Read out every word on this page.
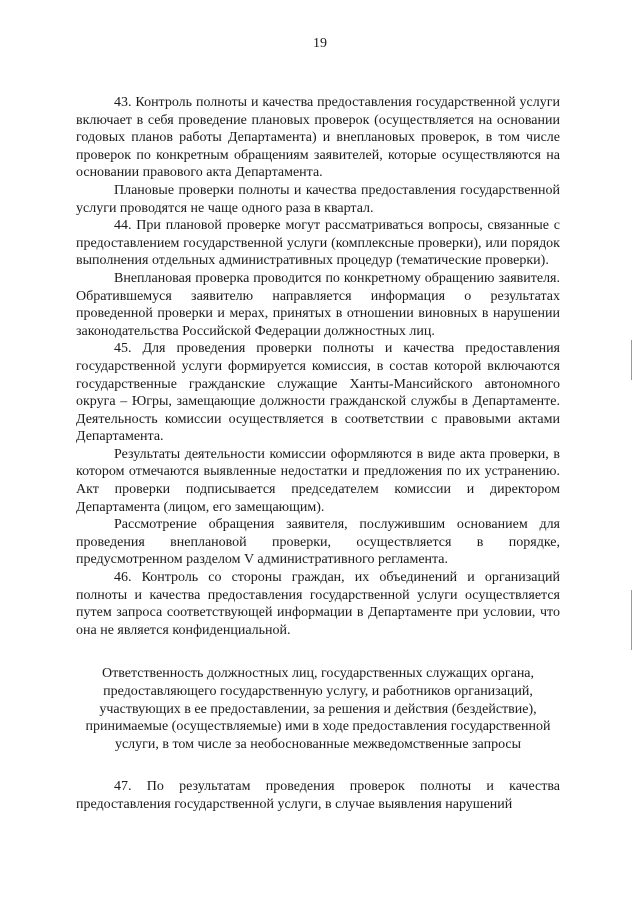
19

43. Контроль полноты и качества предоставления государственной услуги включает в себя проведение плановых проверок (осуществляется на основании годовых планов работы Департамента) и внеплановых проверок, в том числе проверок по конкретным обращениям заявителей, которые осуществляются на основании правового акта Департамента.

Плановые проверки полноты и качества предоставления государственной услуги проводятся не чаще одного раза в квартал.

44. При плановой проверке могут рассматриваться вопросы, связанные с предоставлением государственной услуги (комплексные проверки), или порядок выполнения отдельных административных процедур (тематические проверки).

Внеплановая проверка проводится по конкретному обращению заявителя. Обратившемуся заявителю направляется информация о результатах проведенной проверки и мерах, принятых в отношении виновных в нарушении законодательства Российской Федерации должностных лиц.

45. Для проведения проверки полноты и качества предоставления государственной услуги формируется комиссия, в состав которой включаются государственные гражданские служащие Ханты-Мансийского автономного округа – Югры, замещающие должности гражданской службы в Департаменте. Деятельность комиссии осуществляется в соответствии с правовыми актами Департамента.

Результаты деятельности комиссии оформляются в виде акта проверки, в котором отмечаются выявленные недостатки и предложения по их устранению. Акт проверки подписывается председателем комиссии и директором Департамента (лицом, его замещающим).

Рассмотрение обращения заявителя, послужившим основанием для проведения внеплановой проверки, осуществляется в порядке, предусмотренном разделом V административного регламента.

46. Контроль со стороны граждан, их объединений и организаций полноты и качества предоставления государственной услуги осуществляется путем запроса соответствующей информации в Департаменте при условии, что она не является конфиденциальной.

Ответственность должностных лиц, государственных служащих органа, предоставляющего государственную услугу, и работников организаций, участвующих в ее предоставлении, за решения и действия (бездействие), принимаемые (осуществляемые) ими в ходе предоставления государственной услуги, в том числе за необоснованные межведомственные запросы

47. По результатам проведения проверок полноты и качества предоставления государственной услуги, в случае выявления нарушений
